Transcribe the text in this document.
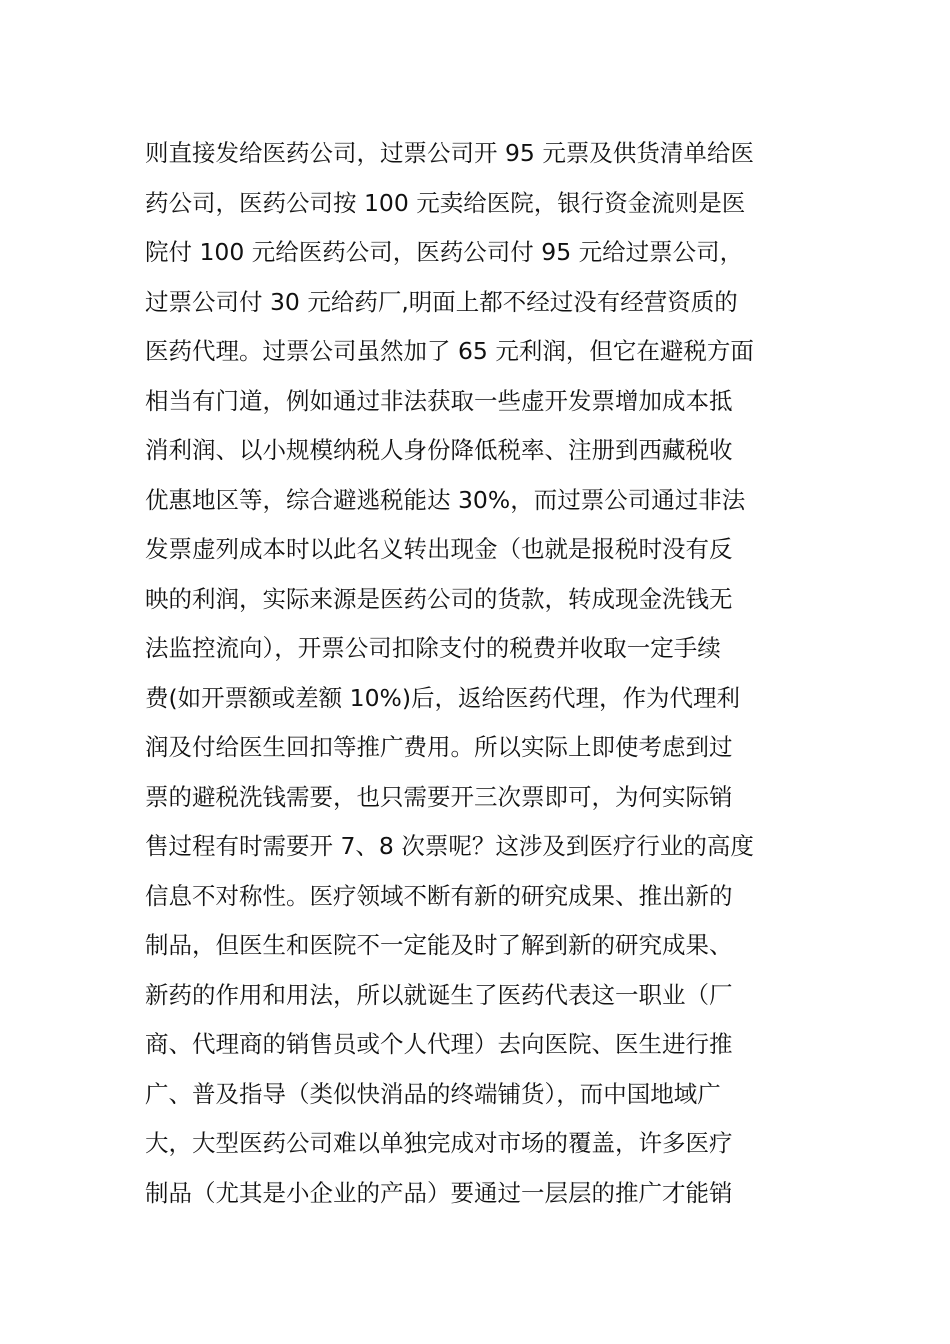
则直接发给医药公司，过票公司开 95 元票及供货清单给医
药公司，医药公司按 100 元卖给医院，银行资金流则是医
院付 100 元给医药公司，医药公司付 95 元给过票公司，
过票公司付 30 元给药厂,明面上都不经过没有经营资质的
医药代理。过票公司虽然加了 65 元利润，但它在避税方面
相当有门道，例如通过非法获取一些虚开发票增加成本抵
消利润、以小规模纳税人身份降低税率、注册到西藏税收
优惠地区等，综合避逃税能达 30%，而过票公司通过非法
发票虚列成本时以此名义转出现金（也就是报税时没有反
映的利润，实际来源是医药公司的货款，转成现金洗钱无
法监控流向），开票公司扣除支付的税费并收取一定手续
费(如开票额或差额 10%)后，返给医药代理，作为代理利
润及付给医生回扣等推广费用。所以实际上即使考虑到过
票的避税洗钱需要，也只需要开三次票即可，为何实际销
售过程有时需要开 7、8 次票呢？这涉及到医疗行业的高度
信息不对称性。医疗领域不断有新的研究成果、推出新的
制品，但医生和医院不一定能及时了解到新的研究成果、
新药的作用和用法，所以就诞生了医药代表这一职业（厂
商、代理商的销售员或个人代理）去向医院、医生进行推
广、普及指导（类似快消品的终端铺货），而中国地域广
大，大型医药公司难以单独完成对市场的覆盖，许多医疗
制品（尤其是小企业的产品）要通过一层层的推广才能销
